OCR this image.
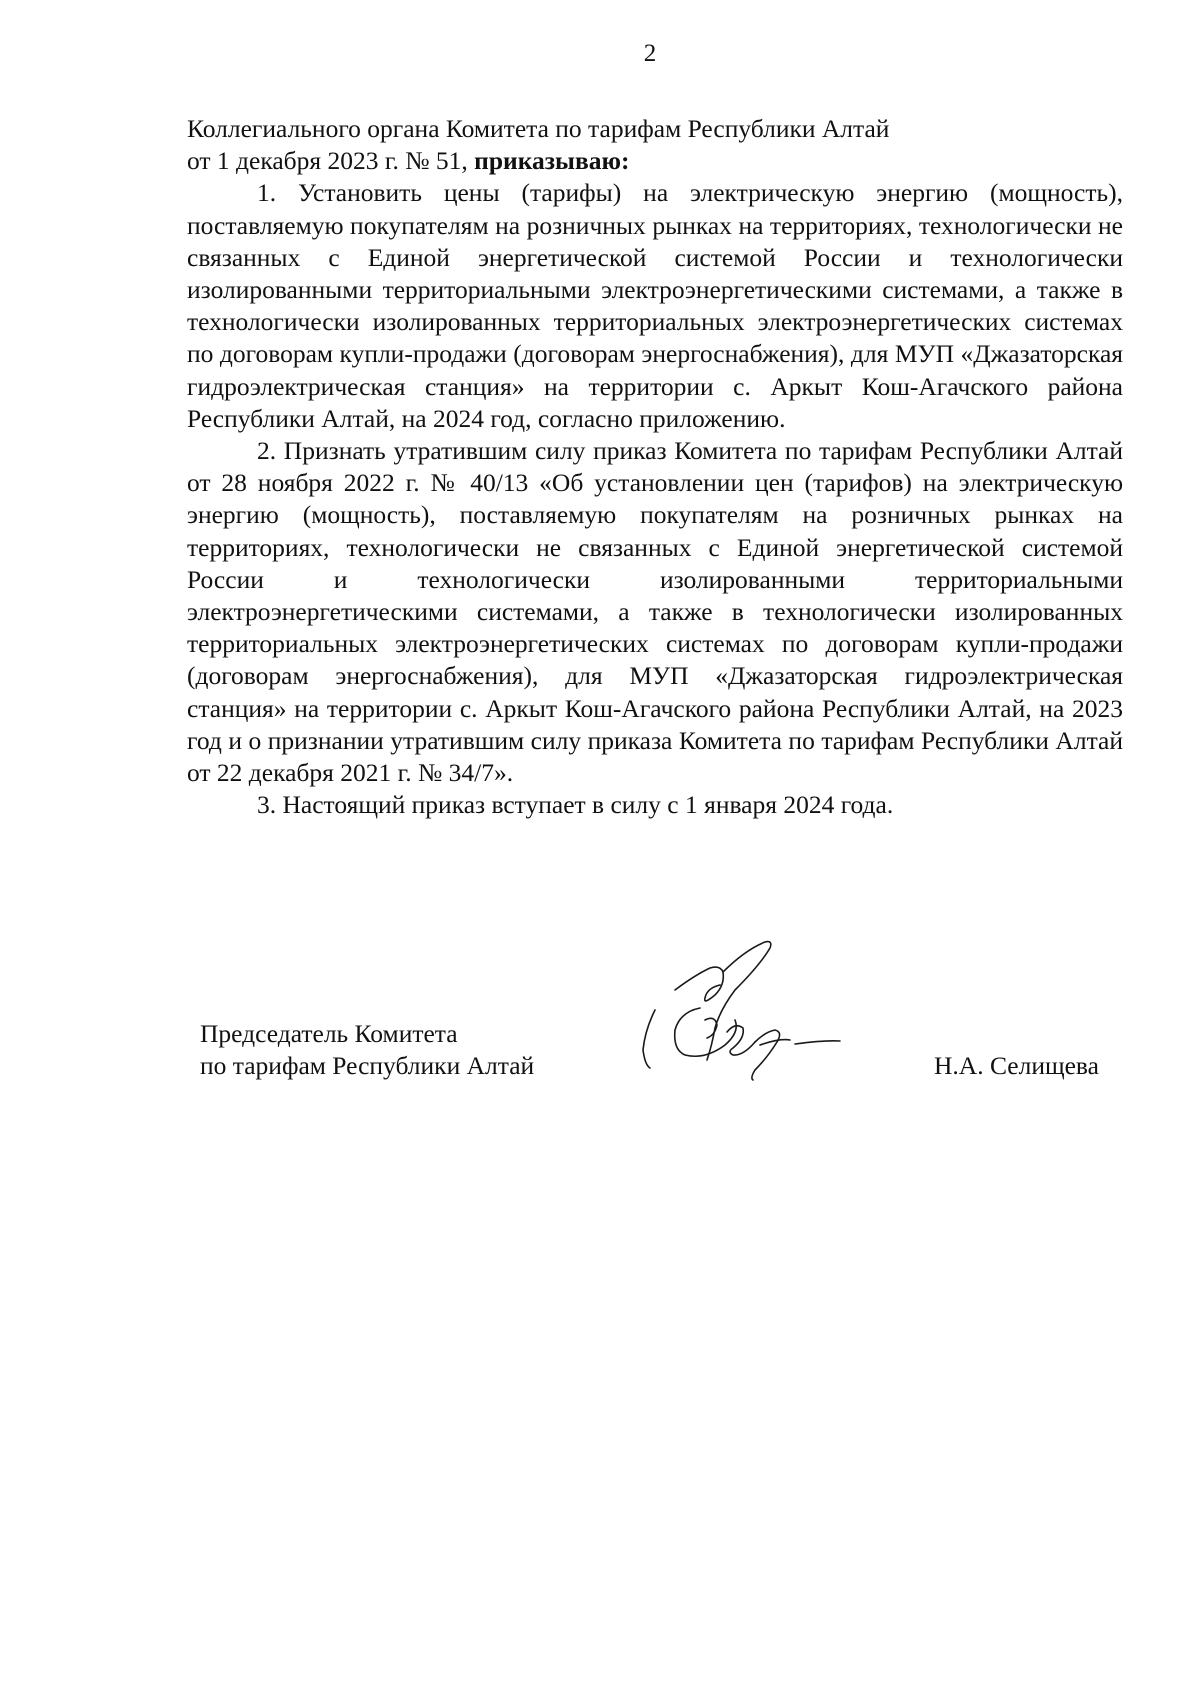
2

Коллегиального органа Комитета по тарифам Республики Алтай
от 1 декабря 2023 г. № 51, приказываю:

1. Установить цены (тарифы) на электрическую энергию (мощность), поставляемую покупателям на розничных рынках на территориях, технологически не связанных с Единой энергетической системой России и технологически изолированными территориальными электроэнергетическими системами, а также в технологически изолированных территориальных электроэнергетических системах по договорам купли-продажи (договорам энергоснабжения), для МУП «Джазаторская гидроэлектрическая станция» на территории с. Аркыт Кош-Агачского района Республики Алтай, на 2024 год, согласно приложению.

2. Признать утратившим силу приказ Комитета по тарифам Республики Алтай от 28 ноября 2022 г. № 40/13 «Об установлении цен (тарифов) на электрическую энергию (мощность), поставляемую покупателям на розничных рынках на территориях, технологически не связанных с Единой энергетической системой России и технологически изолированными территориальными электроэнергетическими системами, а также в технологически изолированных территориальных электроэнергетических системах по договорам купли-продажи (договорам энергоснабжения), для МУП «Джазаторская гидроэлектрическая станция» на территории с. Аркыт Кош-Агачского района Республики Алтай, на 2023 год и о признании утратившим силу приказа Комитета по тарифам Республики Алтай от 22 декабря 2021 г. № 34/7».

3. Настоящий приказ вступает в силу с 1 января 2024 года.

Председатель Комитета
по тарифам Республики Алтай	Н.А. Селищева
